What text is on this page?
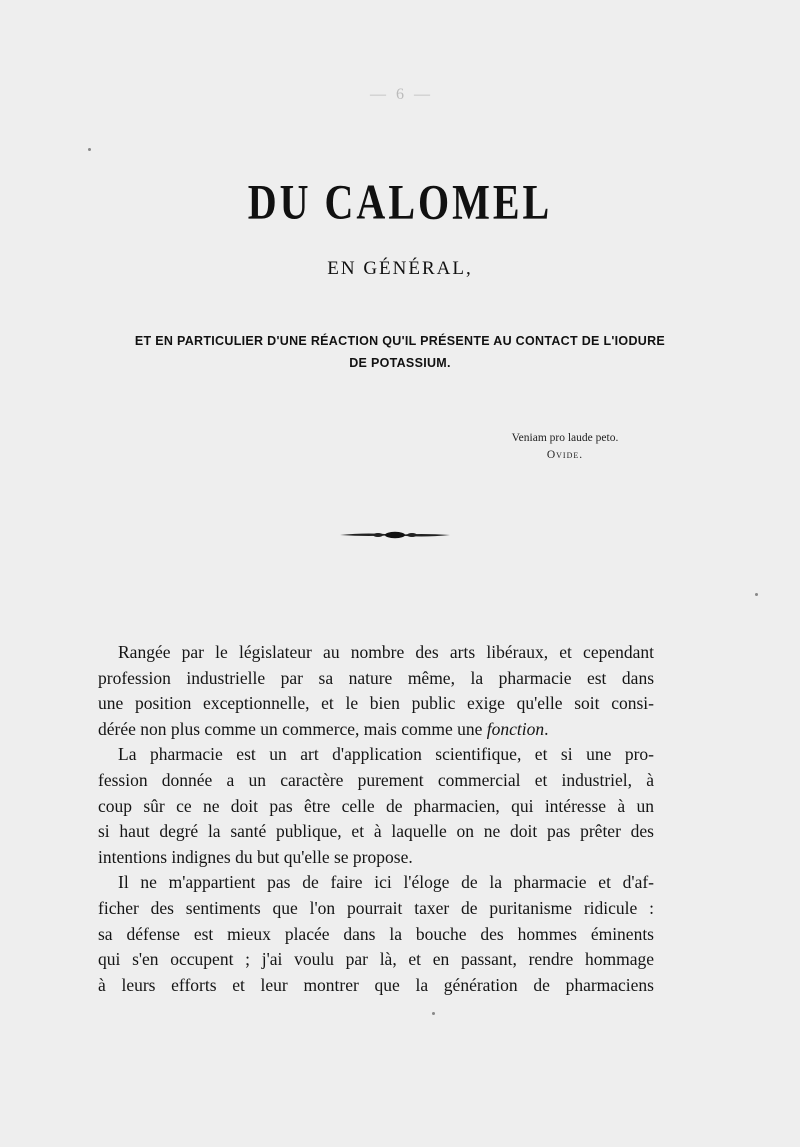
— 6 —
DU CALOMEL
EN GÉNÉRAL,
ET EN PARTICULIER D'UNE RÉACTION QU'IL PRÉSENTE AU CONTACT DE L'IODURE
DE POTASSIUM.
Veniam pro laude peto.
Ovide.
Rangée par le législateur au nombre des arts libéraux, et cependant
profession industrielle par sa nature même, la pharmacie est dans
une position exceptionnelle, et le bien public exige qu'elle soit consi-
dérée non plus comme un commerce, mais comme une fonction.
La pharmacie est un art d'application scientifique, et si une pro-
fession donnée a un caractère purement commercial et industriel, à
coup sûr ce ne doit pas être celle de pharmacien, qui intéresse à un
si haut degré la santé publique, et à laquelle on ne doit pas prêter des
intentions indignes du but qu'elle se propose.
Il ne m'appartient pas de faire ici l'éloge de la pharmacie et d'af-
ficher des sentiments que l'on pourrait taxer de puritanisme ridicule :
sa défense est mieux placée dans la bouche des hommes éminents
qui s'en occupent ; j'ai voulu par là, et en passant, rendre hommage
à leurs efforts et leur montrer que la génération de pharmaciens
